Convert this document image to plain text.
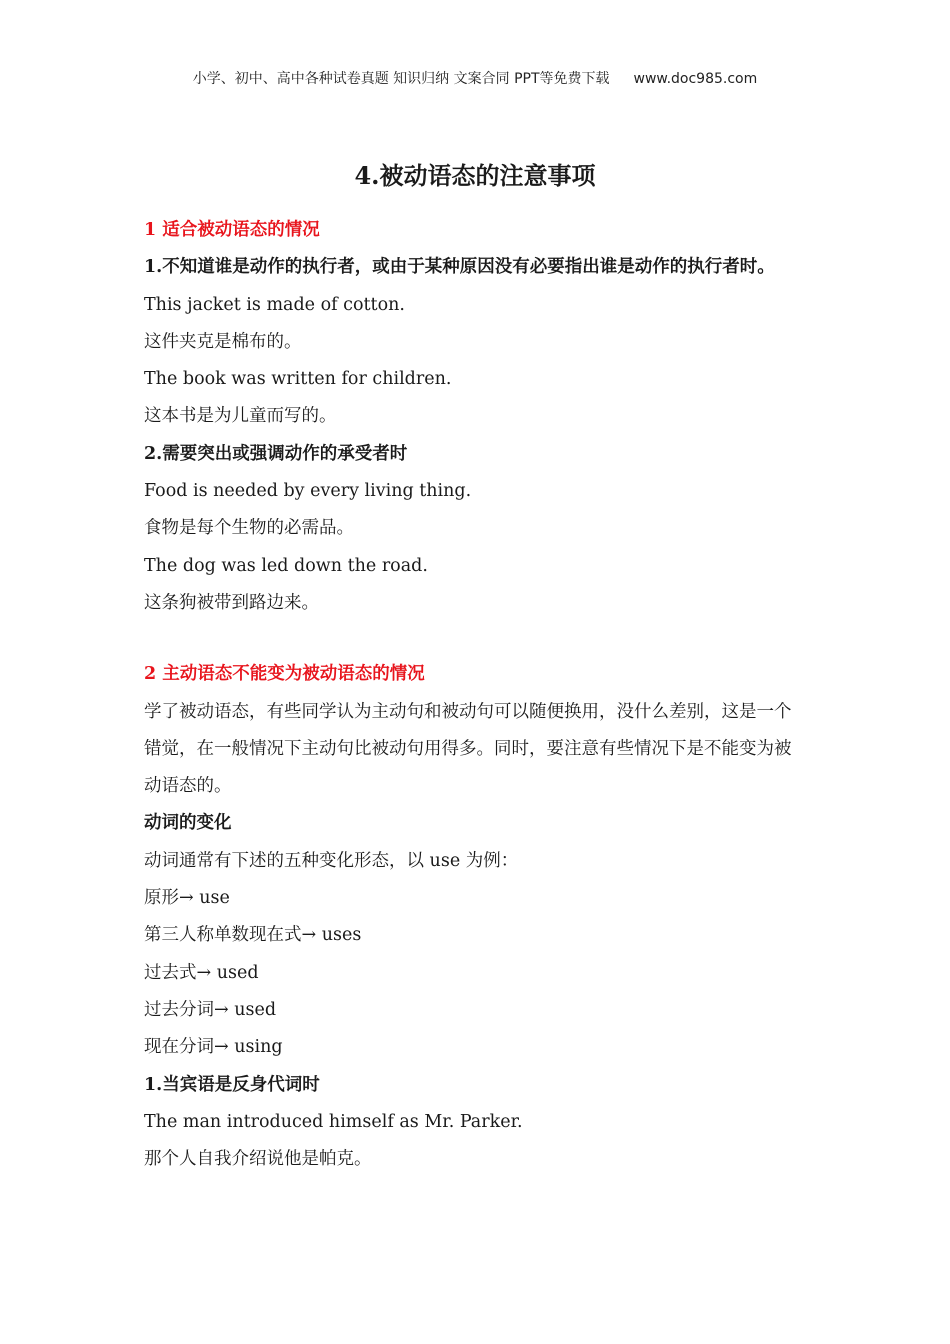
小学、初中、高中各种试卷真题 知识归纳 文案合同 PPT等免费下载 www.doc985.com
4.被动语态的注意事项

1 适合被动语态的情况

1.不知道谁是动作的执行者，或由于某种原因没有必要指出谁是动作的执行者时。

This jacket is made of cotton.

这件夹克是棉布的。

The book was written for children.

这本书是为儿童而写的。

2.需要突出或强调动作的承受者时

Food is needed by every living thing.

食物是每个生物的必需品。

The dog was led down the road.

这条狗被带到路边来。

2 主动语态不能变为被动语态的情况

学了被动语态，有些同学认为主动句和被动句可以随便换用，没什么差别，这是一个错觉，在一般情况下主动句比被动句用得多。同时，要注意有些情况下是不能变为被动语态的。

动词的变化

动词通常有下述的五种变化形态，以 use 为例：

原形→ use

第三人称单数现在式→ uses

过去式→ used

过去分词→ used

现在分词→ using

1.当宾语是反身代词时

The man introduced himself as Mr. Parker.

那个人自我介绍说他是帕克。
